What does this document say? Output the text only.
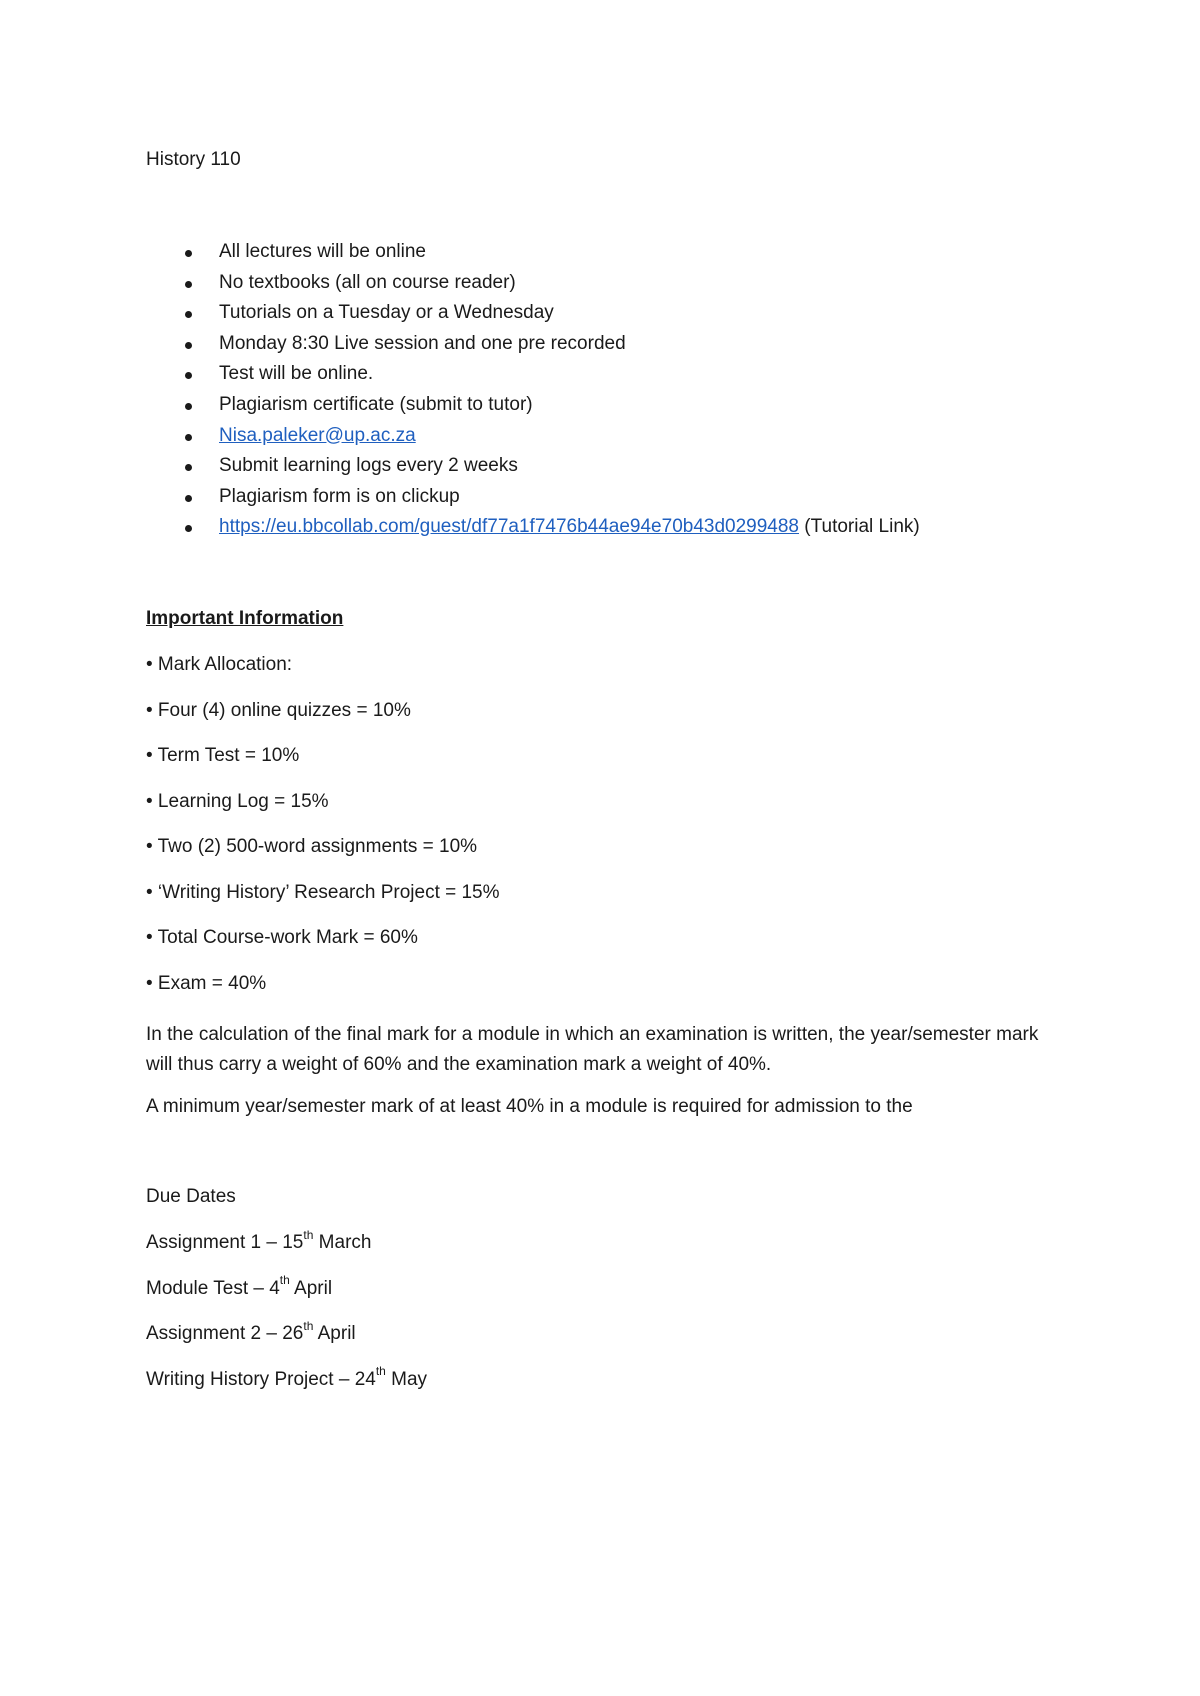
History 110
All lectures will be online
No textbooks (all on course reader)
Tutorials on a Tuesday or a Wednesday
Monday 8:30 Live session and one pre recorded
Test will be online.
Plagiarism certificate (submit to tutor)
Nisa.paleker@up.ac.za
Submit learning logs every 2 weeks
Plagiarism form is on clickup
https://eu.bbcollab.com/guest/df77a1f7476b44ae94e70b43d0299488 (Tutorial Link)
Important Information
• Mark Allocation:
• Four (4) online quizzes = 10%
• Term Test = 10%
• Learning Log = 15%
• Two (2) 500-word assignments = 10%
• ‘Writing History’ Research Project = 15%
• Total Course-work Mark = 60%
• Exam = 40%
In the calculation of the final mark for a module in which an examination is written, the year/semester mark will thus carry a weight of 60% and the examination mark a weight of 40%.
A minimum year/semester mark of at least 40% in a module is required for admission to the
Due Dates
Assignment 1 – 15th March
Module Test – 4th April
Assignment 2 – 26th April
Writing History Project – 24th May
